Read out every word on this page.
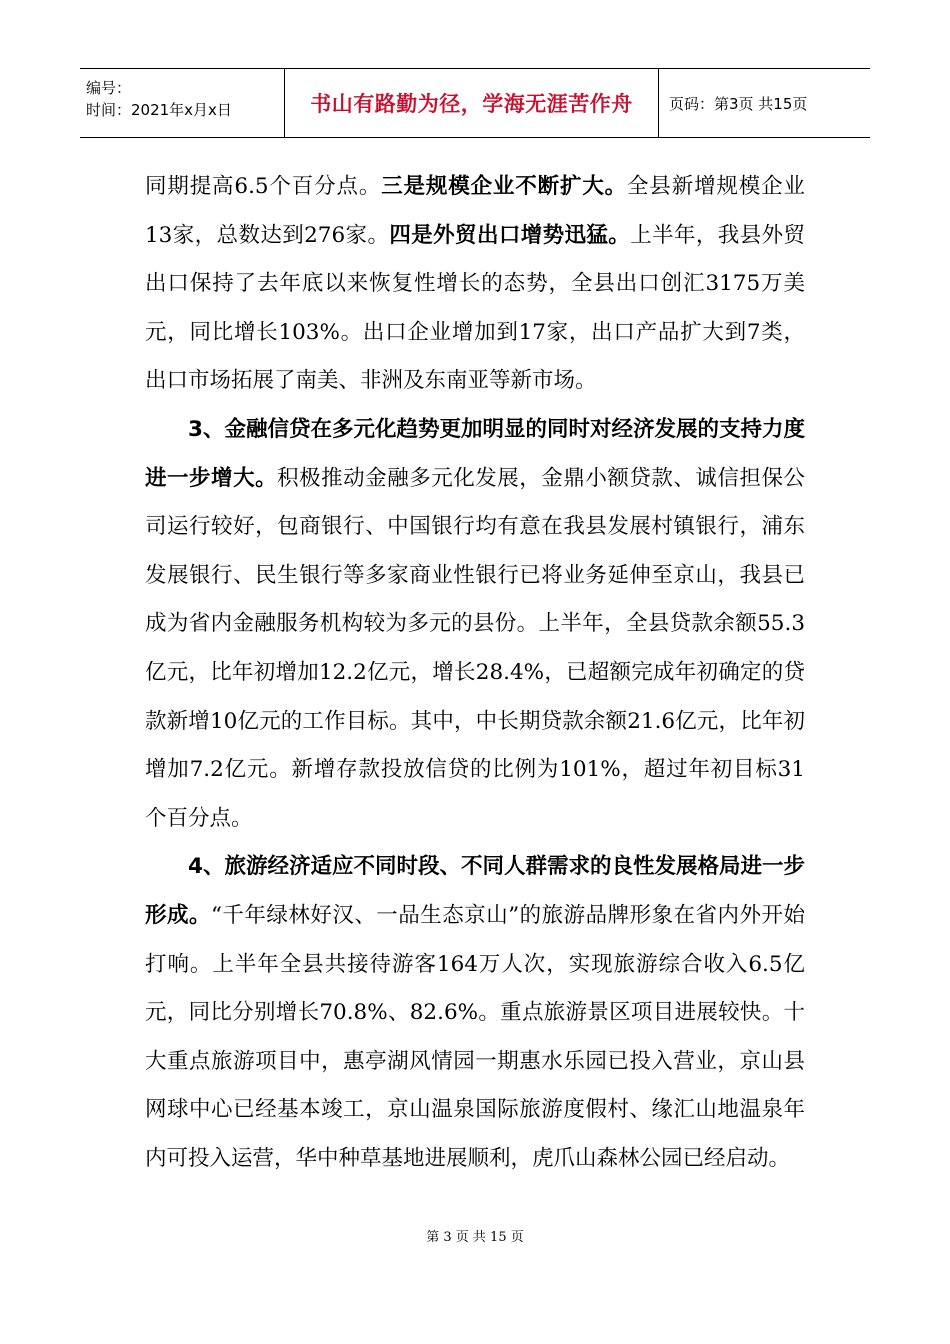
编号：
时间：2021年x月x日	书山有路勤为径，学海无涯苦作舟	页码：第3页 共15页

同期提高6.5个百分点。三是规模企业不断扩大。全县新增规模企业13家，总数达到276家。四是外贸出口增势迅猛。上半年，我县外贸出口保持了去年底以来恢复性增长的态势，全县出口创汇3175万美元，同比增长103%。出口企业增加到17家，出口产品扩大到7类，出口市场拓展了南美、非洲及东南亚等新市场。

3、金融信贷在多元化趋势更加明显的同时对经济发展的支持力度进一步增大。积极推动金融多元化发展，金鼎小额贷款、诚信担保公司运行较好，包商银行、中国银行均有意在我县发展村镇银行，浦东发展银行、民生银行等多家商业性银行已将业务延伸至京山，我县已成为省内金融服务机构较为多元的县份。上半年，全县贷款余额55.3亿元，比年初增加12.2亿元，增长28.4%，已超额完成年初确定的贷款新增10亿元的工作目标。其中，中长期贷款余额21.6亿元，比年初增加7.2亿元。新增存款投放信贷的比例为101%，超过年初目标31个百分点。

4、旅游经济适应不同时段、不同人群需求的良性发展格局进一步形成。“千年绿林好汉、一品生态京山”的旅游品牌形象在省内外开始打响。上半年全县共接待游客164万人次，实现旅游综合收入6.5亿元，同比分别增长70.8%、82.6%。重点旅游景区项目进展较快。十大重点旅游项目中，惠亭湖风情园一期惠水乐园已投入营业，京山县网球中心已经基本竣工，京山温泉国际旅游度假村、缘汇山地温泉年内可投入运营，华中种草基地进展顺利，虎爪山森林公园已经启动。

第 3 页 共 15 页
